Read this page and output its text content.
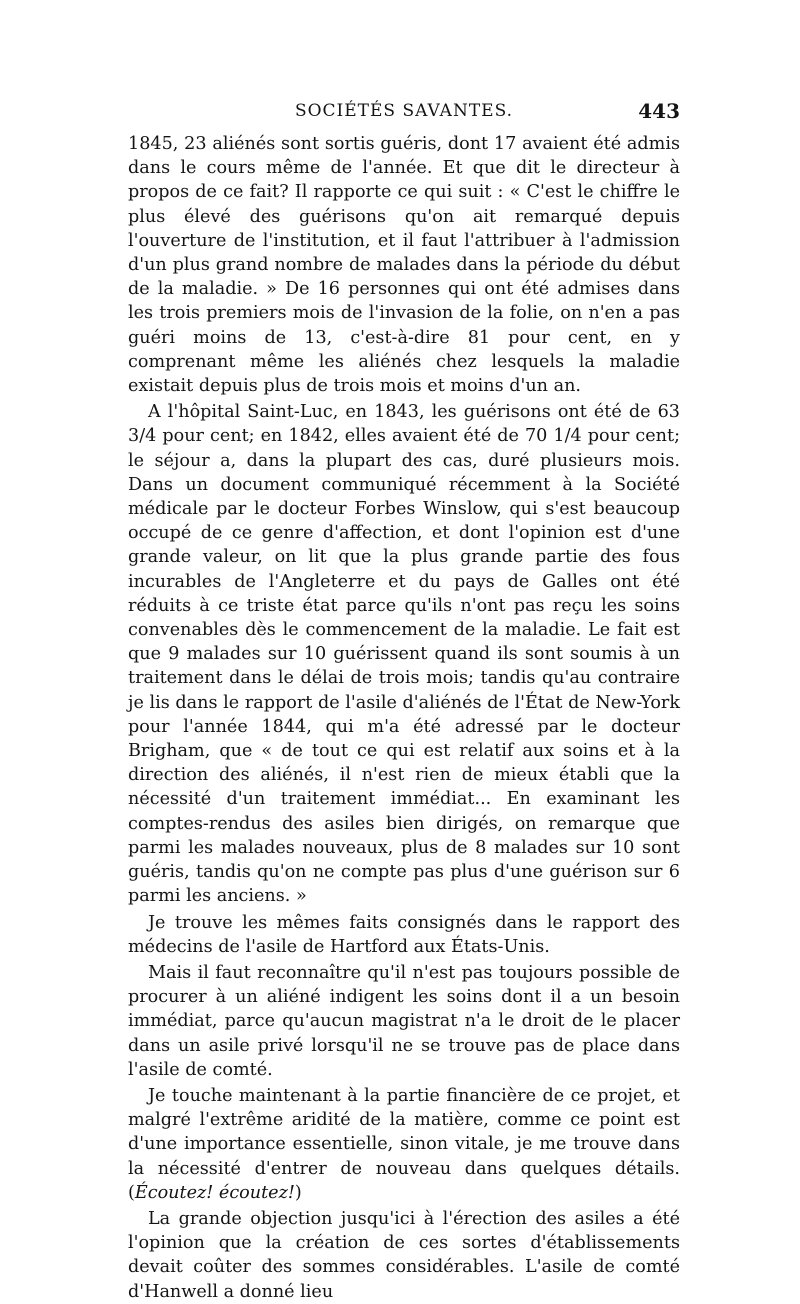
SOCIÉTÉS SAVANTES.	443

1845, 23 aliénés sont sortis guéris, dont 17 avaient été admis dans le cours même de l'année. Et que dit le directeur à propos de ce fait? Il rapporte ce qui suit : « C'est le chiffre le plus élevé des guérisons qu'on ait remarqué depuis l'ouverture de l'institution, et il faut l'attribuer à l'admission d'un plus grand nombre de malades dans la période du début de la maladie. » De 16 personnes qui ont été admises dans les trois premiers mois de l'invasion de la folie, on n'en a pas guéri moins de 13, c'est-à-dire 81 pour cent, en y comprenant même les aliénés chez lesquels la maladie existait depuis plus de trois mois et moins d'un an.

A l'hôpital Saint-Luc, en 1843, les guérisons ont été de 63 3/4 pour cent; en 1842, elles avaient été de 70 1/4 pour cent; le séjour a, dans la plupart des cas, duré plusieurs mois. Dans un document communiqué récemment à la Société médicale par le docteur Forbes Winslow, qui s'est beaucoup occupé de ce genre d'affection, et dont l'opinion est d'une grande valeur, on lit que la plus grande partie des fous incurables de l'Angleterre et du pays de Galles ont été réduits à ce triste état parce qu'ils n'ont pas reçu les soins convenables dès le commencement de la maladie. Le fait est que 9 malades sur 10 guérissent quand ils sont soumis à un traitement dans le délai de trois mois; tandis qu'au contraire je lis dans le rapport de l'asile d'aliénés de l'État de New-York pour l'année 1844, qui m'a été adressé par le docteur Brigham, que « de tout ce qui est relatif aux soins et à la direction des aliénés, il n'est rien de mieux établi que la nécessité d'un traitement immédiat... En examinant les comptes-rendus des asiles bien dirigés, on remarque que parmi les malades nouveaux, plus de 8 malades sur 10 sont guéris, tandis qu'on ne compte pas plus d'une guérison sur 6 parmi les anciens. »

Je trouve les mêmes faits consignés dans le rapport des médecins de l'asile de Hartford aux États-Unis.

Mais il faut reconnaître qu'il n'est pas toujours possible de procurer à un aliéné indigent les soins dont il a un besoin immédiat, parce qu'aucun magistrat n'a le droit de le placer dans un asile privé lorsqu'il ne se trouve pas de place dans l'asile de comté.

Je touche maintenant à la partie financière de ce projet, et malgré l'extrême aridité de la matière, comme ce point est d'une importance essentielle, sinon vitale, je me trouve dans la nécessité d'entrer de nouveau dans quelques détails. (Écoutez! écoutez!)

La grande objection jusqu'ici à l'érection des asiles a été l'opinion que la création de ces sortes d'établissements devait coûter des sommes considérables. L'asile de comté d'Hanwell a donné lieu
